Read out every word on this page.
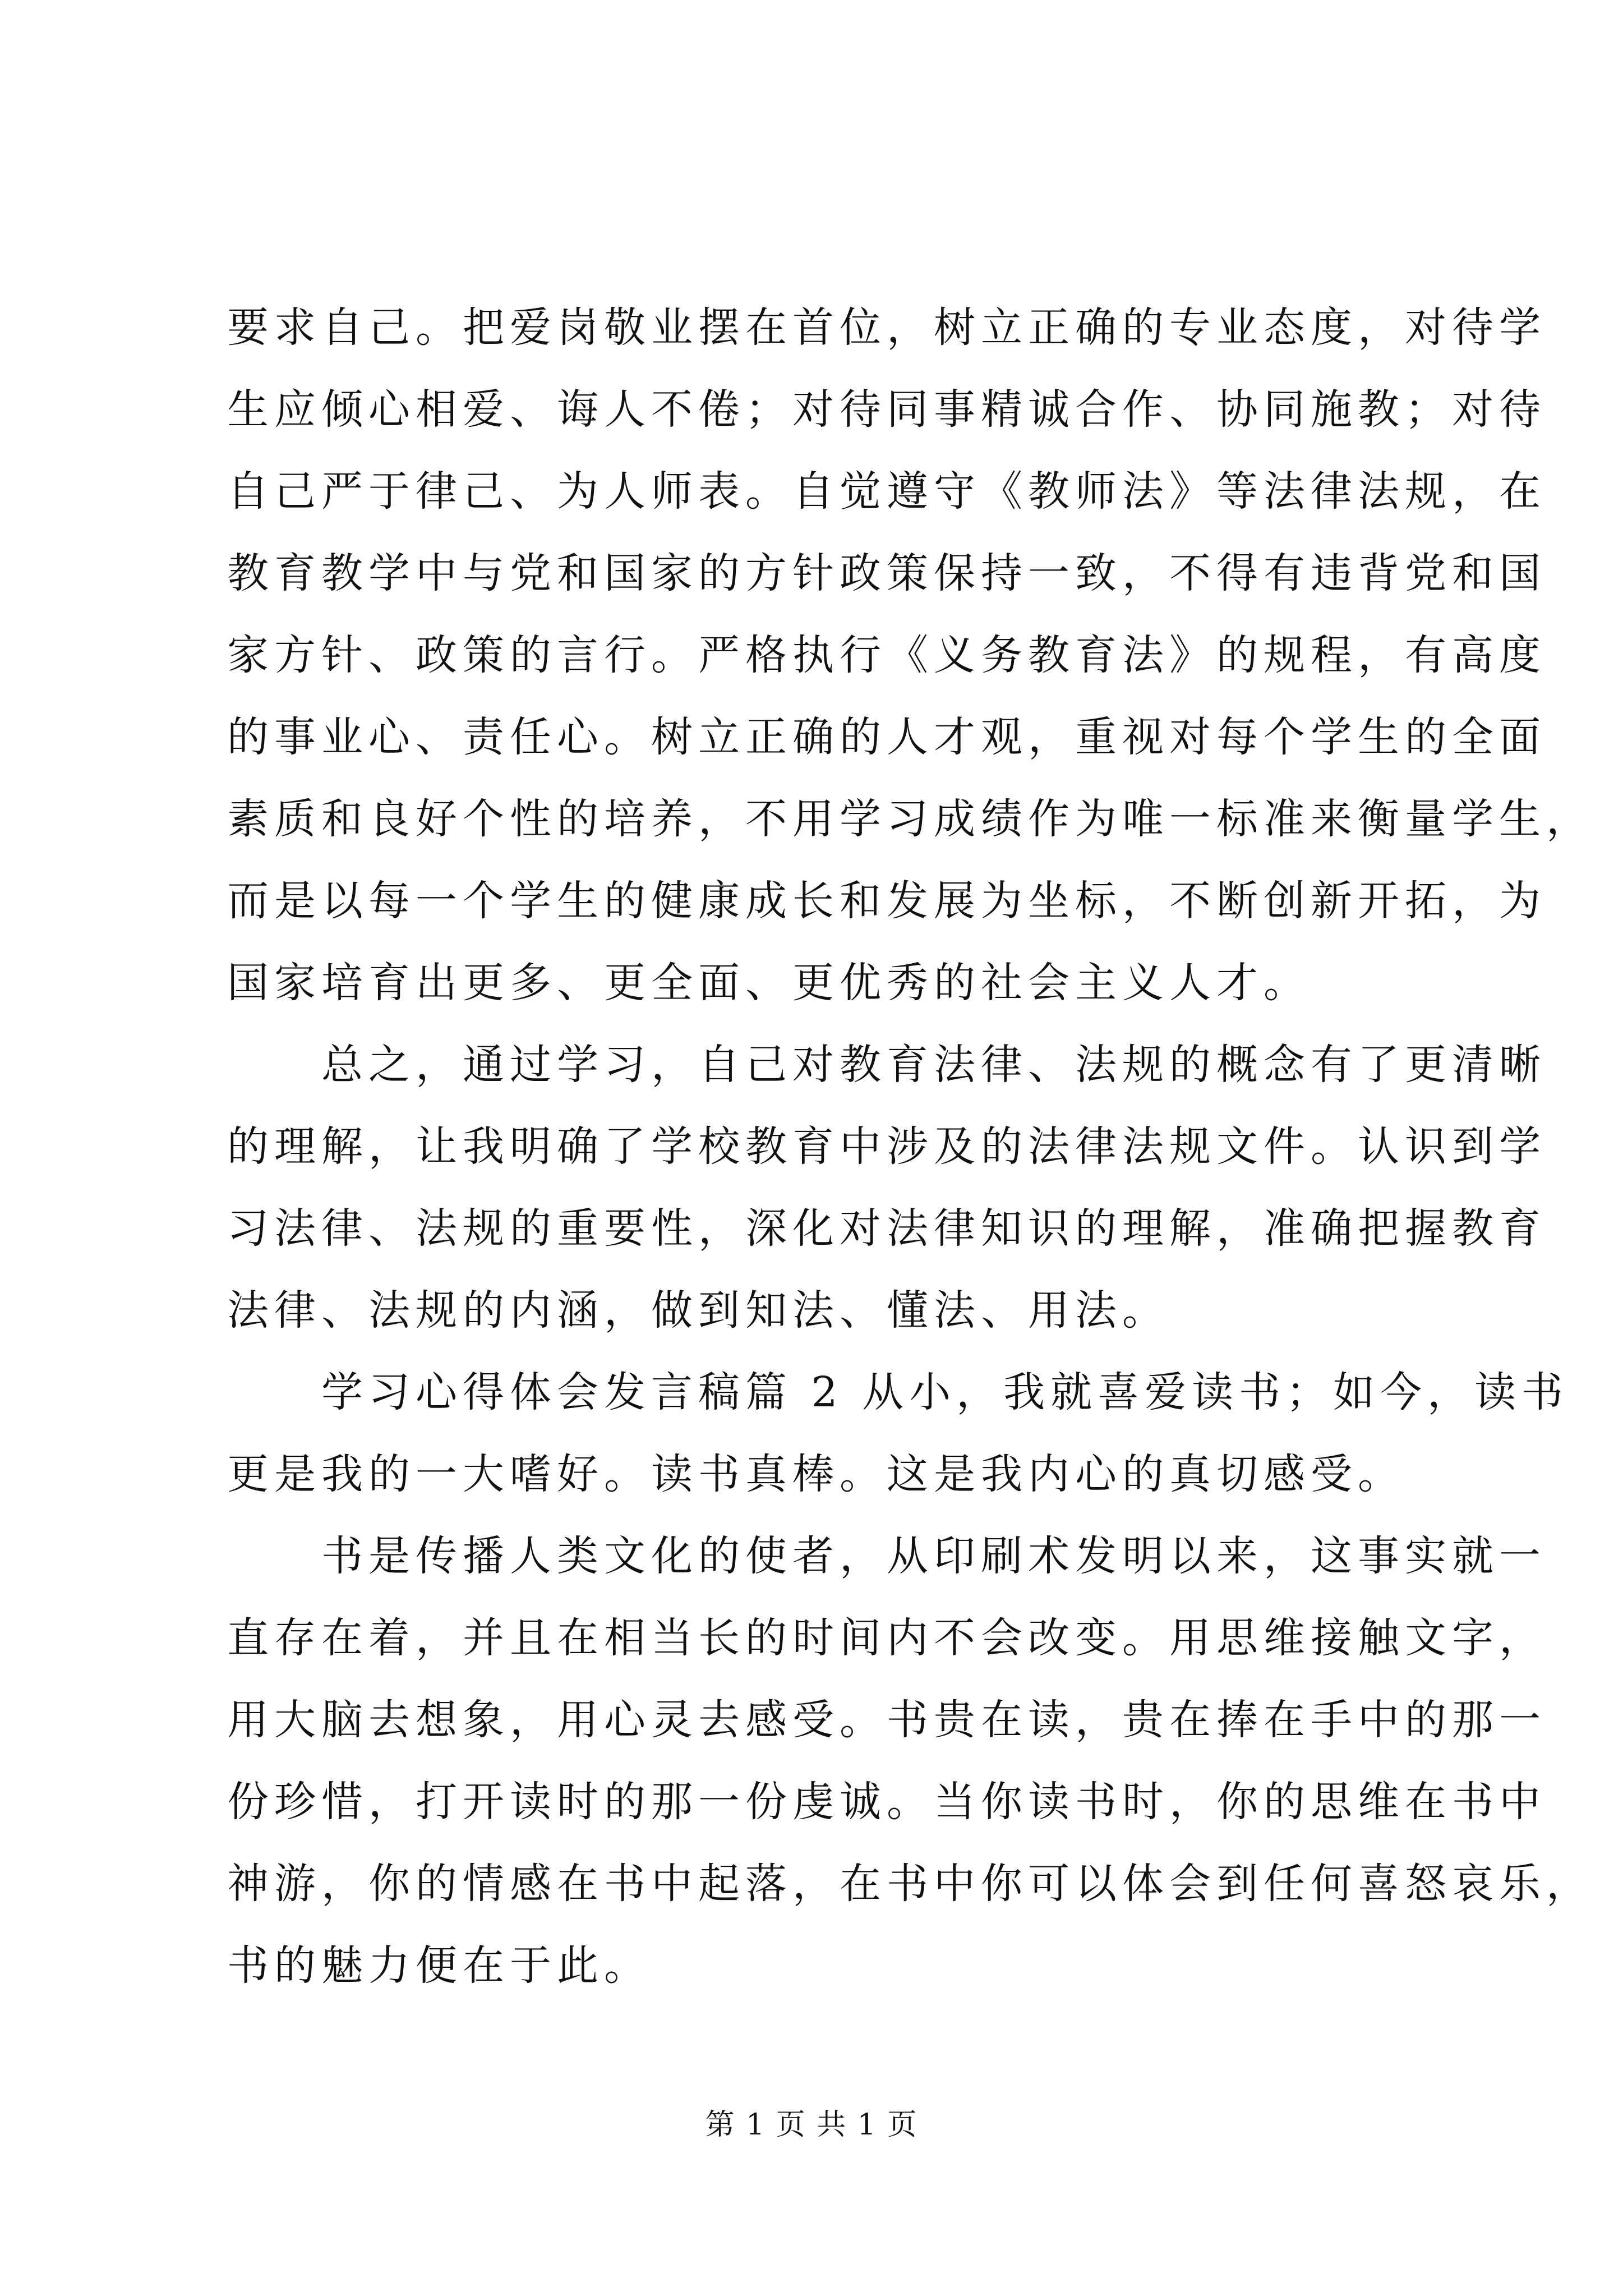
要求自己。把爱岗敬业摆在首位，树立正确的专业态度，对待学
生应倾心相爱、诲人不倦；对待同事精诚合作、协同施教；对待
自己严于律己、为人师表。自觉遵守《教师法》等法律法规，在
教育教学中与党和国家的方针政策保持一致，不得有违背党和国
家方针、政策的言行。严格执行《义务教育法》的规程，有高度
的事业心、责任心。树立正确的人才观，重视对每个学生的全面
素质和良好个性的培养，不用学习成绩作为唯一标准来衡量学生，
而是以每一个学生的健康成长和发展为坐标，不断创新开拓，为
国家培育出更多、更全面、更优秀的社会主义人才。
　　总之，通过学习，自己对教育法律、法规的概念有了更清晰
的理解，让我明确了学校教育中涉及的法律法规文件。认识到学
习法律、法规的重要性，深化对法律知识的理解，准确把握教育
法律、法规的内涵，做到知法、懂法、用法。
　　学习心得体会发言稿篇 2 从小，我就喜爱读书；如今，读书
更是我的一大嗜好。读书真棒。这是我内心的真切感受。
　　书是传播人类文化的使者，从印刷术发明以来，这事实就一
直存在着，并且在相当长的时间内不会改变。用思维接触文字，
用大脑去想象，用心灵去感受。书贵在读，贵在捧在手中的那一
份珍惜，打开读时的那一份虔诚。当你读书时，你的思维在书中
神游，你的情感在书中起落，在书中你可以体会到任何喜怒哀乐，
书的魅力便在于此。
第 1 页 共 1 页
